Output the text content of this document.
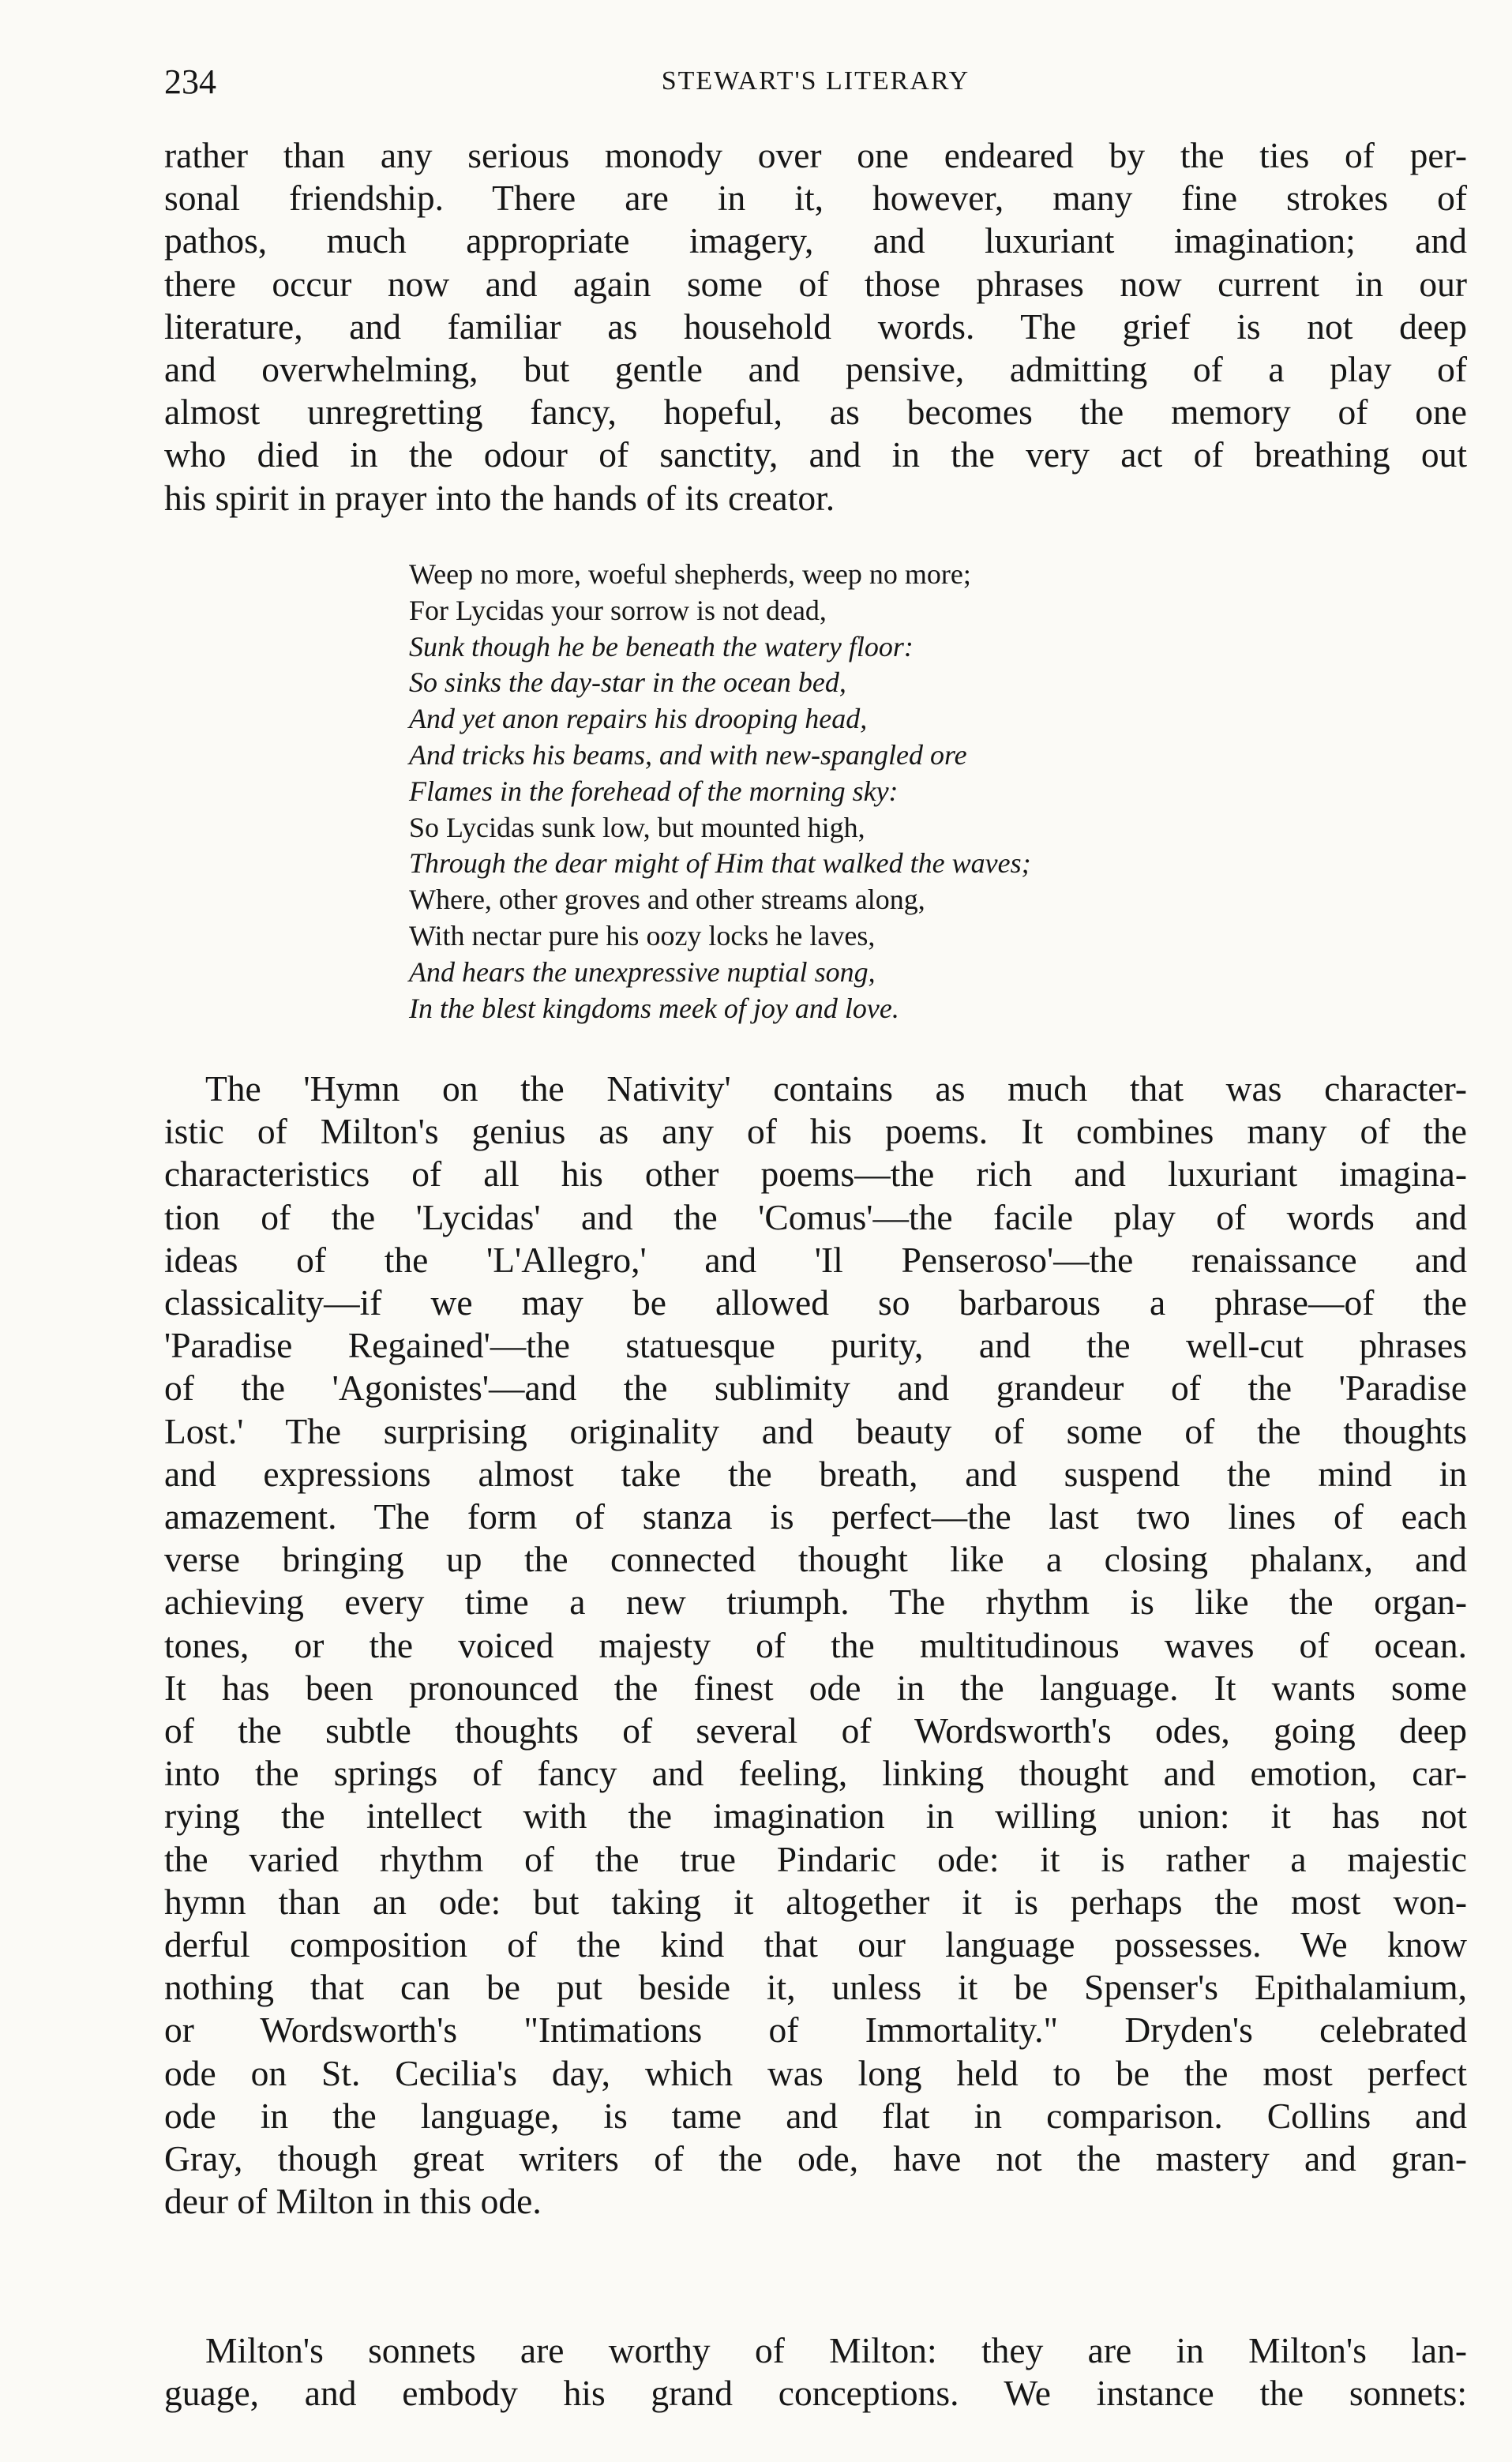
234	STEWART'S LITERARY
rather than any serious monody over one endeared by the ties of per-
sonal friendship. There are in it, however, many fine strokes of
pathos, much appropriate imagery, and luxuriant imagination; and
there occur now and again some of those phrases now current in our
literature, and familiar as household words. The grief is not deep
and overwhelming, but gentle and pensive, admitting of a play of
almost unregretting fancy, hopeful, as becomes the memory of one
who died in the odour of sanctity, and in the very act of breathing out
his spirit in prayer into the hands of its creator.
Weep no more, woeful shepherds, weep no more;
For Lycidas your sorrow is not dead,
Sunk though he be beneath the watery floor:
So sinks the day-star in the ocean bed,
And yet anon repairs his drooping head,
And tricks his beams, and with new-spangled ore
Flames in the forehead of the morning sky:
So Lycidas sunk low, but mounted high,
Through the dear might of Him that walked the waves;
Where, other groves and other streams along,
With nectar pure his oozy locks he laves,
And hears the unexpressive nuptial song,
In the blest kingdoms meek of joy and love.
The 'Hymn on the Nativity' contains as much that was character-
istic of Milton's genius as any of his poems. It combines many of the
characteristics of all his other poems—the rich and luxuriant imagina-
tion of the 'Lycidas' and the 'Comus'—the facile play of words and
ideas of the 'L'Allegro,' and 'Il Penseroso'—the renaissance and
classicality—if we may be allowed so barbarous a phrase—of the
'Paradise Regained'—the statuesque purity, and the well-cut phrases
of the 'Agonistes'—and the sublimity and grandeur of the 'Paradise
Lost.' The surprising originality and beauty of some of the thoughts
and expressions almost take the breath, and suspend the mind in
amazement. The form of stanza is perfect—the last two lines of each
verse bringing up the connected thought like a closing phalanx, and
achieving every time a new triumph. The rhythm is like the organ-
tones, or the voiced majesty of the multitudinous waves of ocean.
It has been pronounced the finest ode in the language. It wants some
of the subtle thoughts of several of Wordsworth's odes, going deep
into the springs of fancy and feeling, linking thought and emotion, car-
rying the intellect with the imagination in willing union: it has not
the varied rhythm of the true Pindaric ode: it is rather a majestic
hymn than an ode: but taking it altogether it is perhaps the most won-
derful composition of the kind that our language possesses. We know
nothing that can be put beside it, unless it be Spenser's Epithalamium,
or Wordsworth's "Intimations of Immortality." Dryden's celebrated
ode on St. Cecilia's day, which was long held to be the most perfect
ode in the language, is tame and flat in comparison. Collins and
Gray, though great writers of the ode, have not the mastery and gran-
deur of Milton in this ode.
Milton's sonnets are worthy of Milton: they are in Milton's lan-
guage, and embody his grand conceptions. We instance the sonnets:
